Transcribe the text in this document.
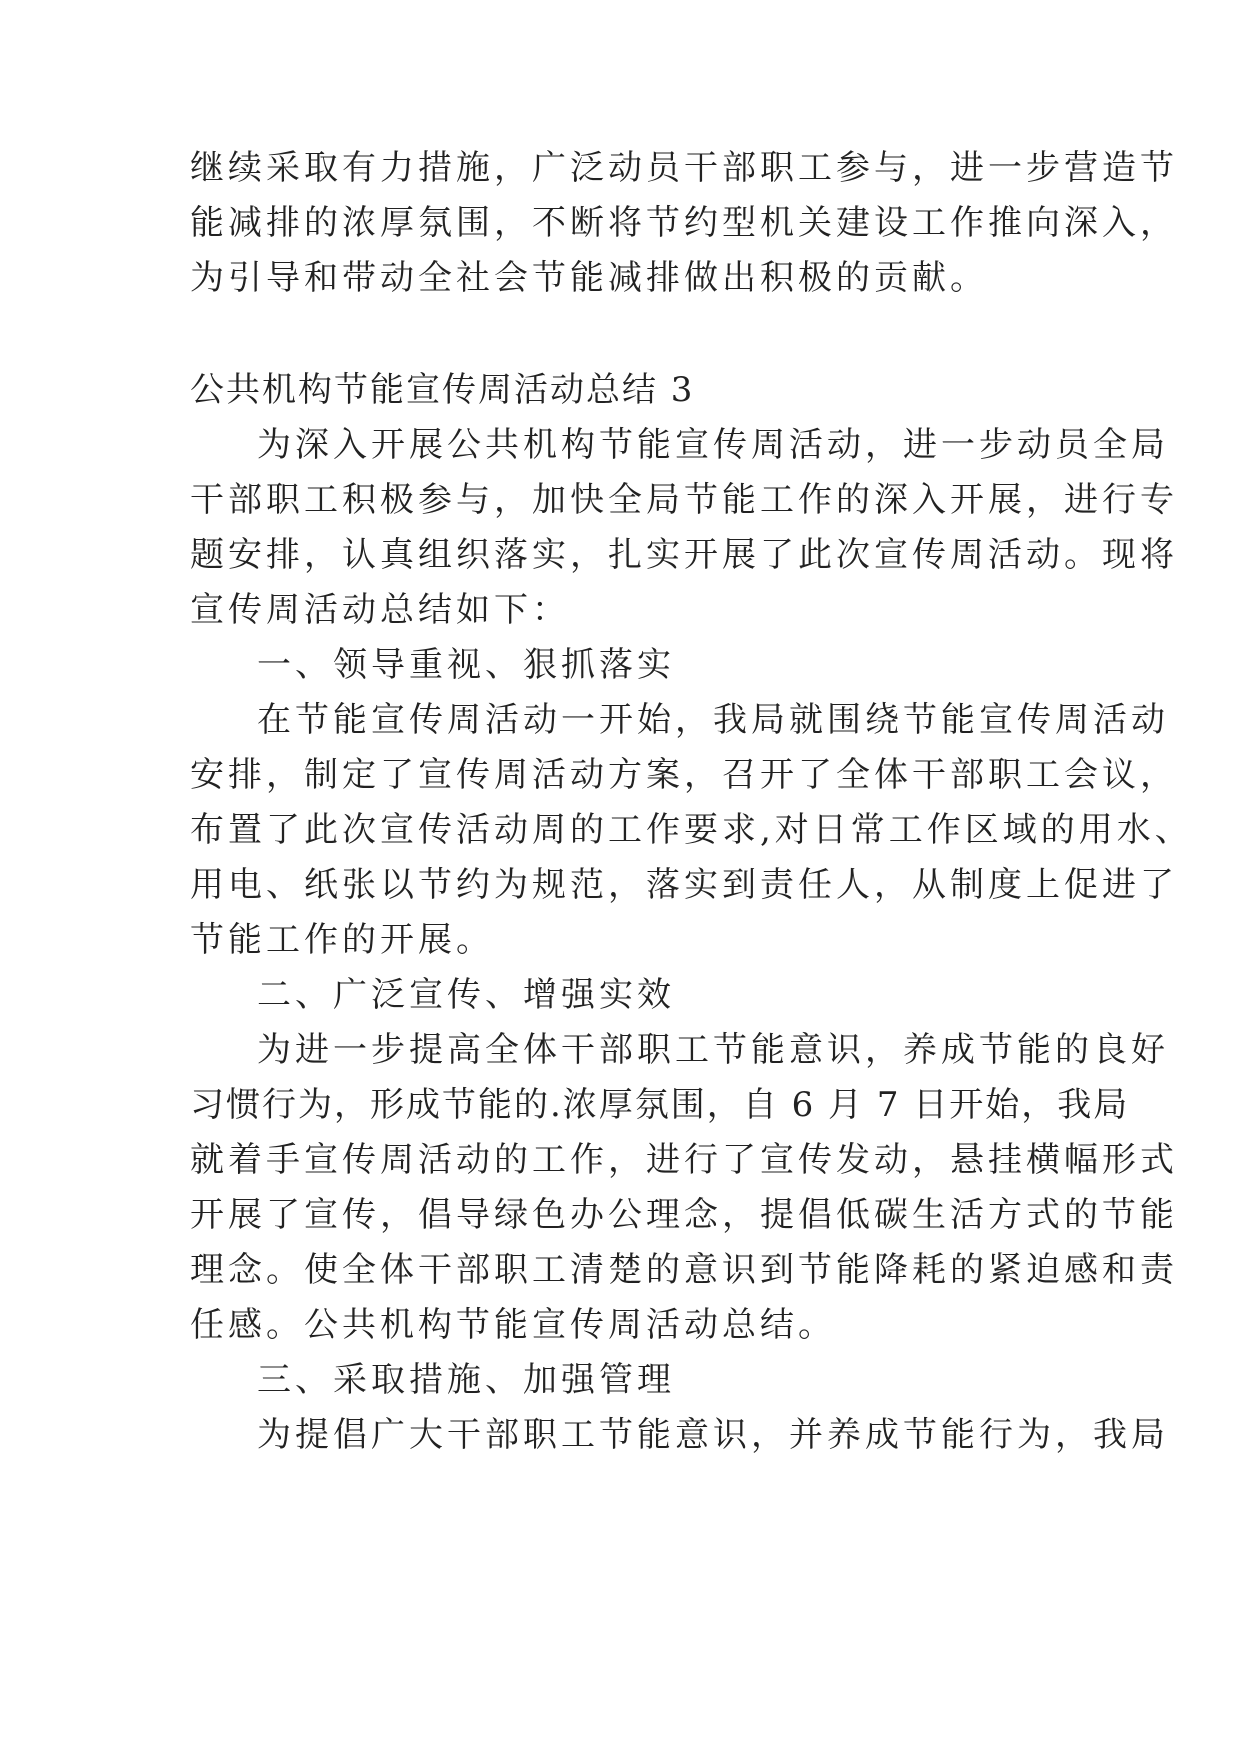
继续采取有力措施，广泛动员干部职工参与，进一步营造节
能减排的浓厚氛围，不断将节约型机关建设工作推向深入，
为引导和带动全社会节能减排做出积极的贡献。
公共机构节能宣传周活动总结 3
为深入开展公共机构节能宣传周活动，进一步动员全局
干部职工积极参与，加快全局节能工作的深入开展，进行专
题安排，认真组织落实，扎实开展了此次宣传周活动。现将
宣传周活动总结如下：
一、领导重视、狠抓落实
在节能宣传周活动一开始，我局就围绕节能宣传周活动
安排，制定了宣传周活动方案，召开了全体干部职工会议，
布置了此次宣传活动周的工作要求,对日常工作区域的用水、
用电、纸张以节约为规范，落实到责任人，从制度上促进了
节能工作的开展。
二、广泛宣传、增强实效
为进一步提高全体干部职工节能意识，养成节能的良好
习惯行为，形成节能的.浓厚氛围，自 6 月 7 日开始，我局
就着手宣传周活动的工作，进行了宣传发动，悬挂横幅形式
开展了宣传，倡导绿色办公理念，提倡低碳生活方式的节能
理念。使全体干部职工清楚的意识到节能降耗的紧迫感和责
任感。公共机构节能宣传周活动总结。
三、采取措施、加强管理
为提倡广大干部职工节能意识，并养成节能行为，我局
